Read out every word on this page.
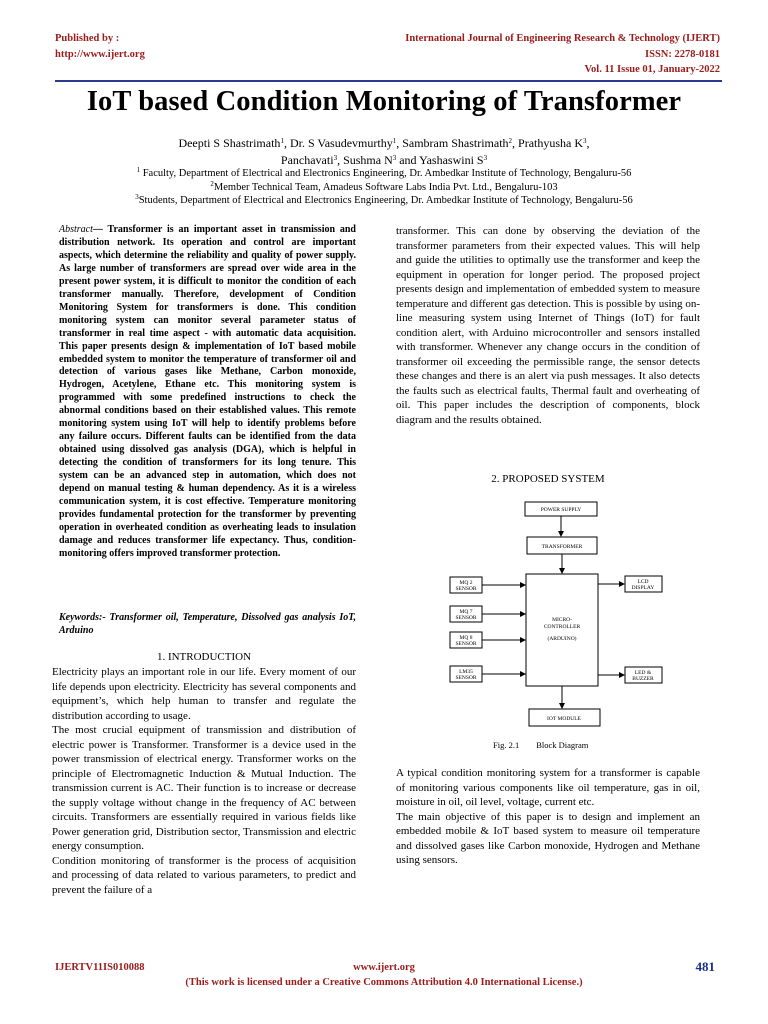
Published by :
http://www.ijert.org
International Journal of Engineering Research & Technology (IJERT)
ISSN: 2278-0181
Vol. 11 Issue 01, January-2022
IoT based Condition Monitoring of Transformer
Deepti S Shastrimath$^1$, Dr. S Vasudevmurthy$^1$, Sambram Shastrimath$^2$, Prathyusha $K^3$,
Panchavati$^3$, Sushma $N^3$ and Yashaswini $S^3$
$^1$ Faculty, Department of Electrical and Electronics Engineering, Dr. Ambedkar Institute of Technology, Bengaluru-56
$^2$Member Technical Team, Amadeus Software Labs India Pvt. Ltd., Bengaluru-103
$^3$Students, Department of Electrical and Electronics Engineering, Dr. Ambedkar Institute of Technology, Bengaluru-56
Abstract— Transformer is an important asset in transmission and distribution network. Its operation and control are important aspects, which determine the reliability and quality of power supply. As large number of transformers are spread over wide area in the present power system, it is difficult to monitor the condition of each transformer manually. Therefore, development of Condition Monitoring System for transformers is done. This condition monitoring system can monitor several parameter status of transformer in real time aspect - with automatic data acquisition. This paper presents design & implementation of IoT based mobile embedded system to monitor the temperature of transformer oil and detection of various gases like Methane, Carbon monoxide, Hydrogen, Acetylene, Ethane etc. This monitoring system is programmed with some predefined instructions to check the abnormal conditions based on their established values. This remote monitoring system using IoT will help to identify problems before any failure occurs. Different faults can be identified from the data obtained using dissolved gas analysis (DGA), which is helpful in detecting the condition of transformers for its long tenure. This system can be an advanced step in automation, which does not depend on manual testing & human dependency. As it is a wireless communication system, it is cost effective. Temperature monitoring provides fundamental protection for the transformer by preventing operation in overheated condition as overheating leads to insulation damage and reduces transformer life expectancy. Thus, condition-monitoring offers improved transformer protection.
Keywords:- Transformer oil, Temperature, Dissolved gas analysis IoT, Arduino
1. INTRODUCTION

Electricity plays an important role in our life. Every moment of our life depends upon electricity. Electricity has several components and equipment’s, which help human to transfer and regulate the distribution according to usage.

The most crucial equipment of transmission and distribution of electric power is Transformer. Transformer is a device used in the power transmission of electrical energy. Transformer works on the principle of Electromagnetic Induction & Mutual Induction. The transmission current is AC. Their function is to increase or decrease the supply voltage without change in the frequency of AC between circuits. Transformers are essentially required in various fields like Power generation grid, Distribution sector, Transmission and electric energy consumption.

Condition monitoring of transformer is the process of acquisition and processing of data related to various parameters, to predict and prevent the failure of a

transformer. This can done by observing the deviation of the transformer parameters from their expected values. This will help and guide the utilities to optimally use the transformer and keep the equipment in operation for longer period. The proposed project presents design and implementation of embedded system to measure temperature and different gas detection. This is possible by using on-line measuring system using Internet of Things (IoT) for fault condition alert, with Arduino microcontroller and sensors installed with transformer. Whenever any change occurs in the condition of transformer oil exceeding the permissible range, the sensor detects these changes and there is an alert via push messages. It also detects the faults such as electrical faults, Thermal fault and overheating of oil. This paper includes the description of components, block diagram and the results obtained.

2. PROPOSED SYSTEM
POWER SUPPLY
TRANSFORMER
MICRO-
CONTROLLER
(ARDUINO)
MQ 2
SENSOR
MQ 7
SENSOR
MQ 8
SENSOR
LM35
SENSOR
LCD
DISPLAY
LED &
BUZZER
IOT MODULE
Fig. 2.1        Block Diagram

A typical condition monitoring system for a transformer is capable of monitoring various components like oil temperature, gas in oil, moisture in oil, oil level, voltage, current etc.

The main objective of this paper is to design and implement an embedded mobile & IoT based system to measure oil temperature and dissolved gases like Carbon monoxide, Hydrogen and Methane using sensors.

IJERTV11IS010088	www.ijert.org
(This work is licensed under a Creative Commons Attribution 4.0 International License.)
481
